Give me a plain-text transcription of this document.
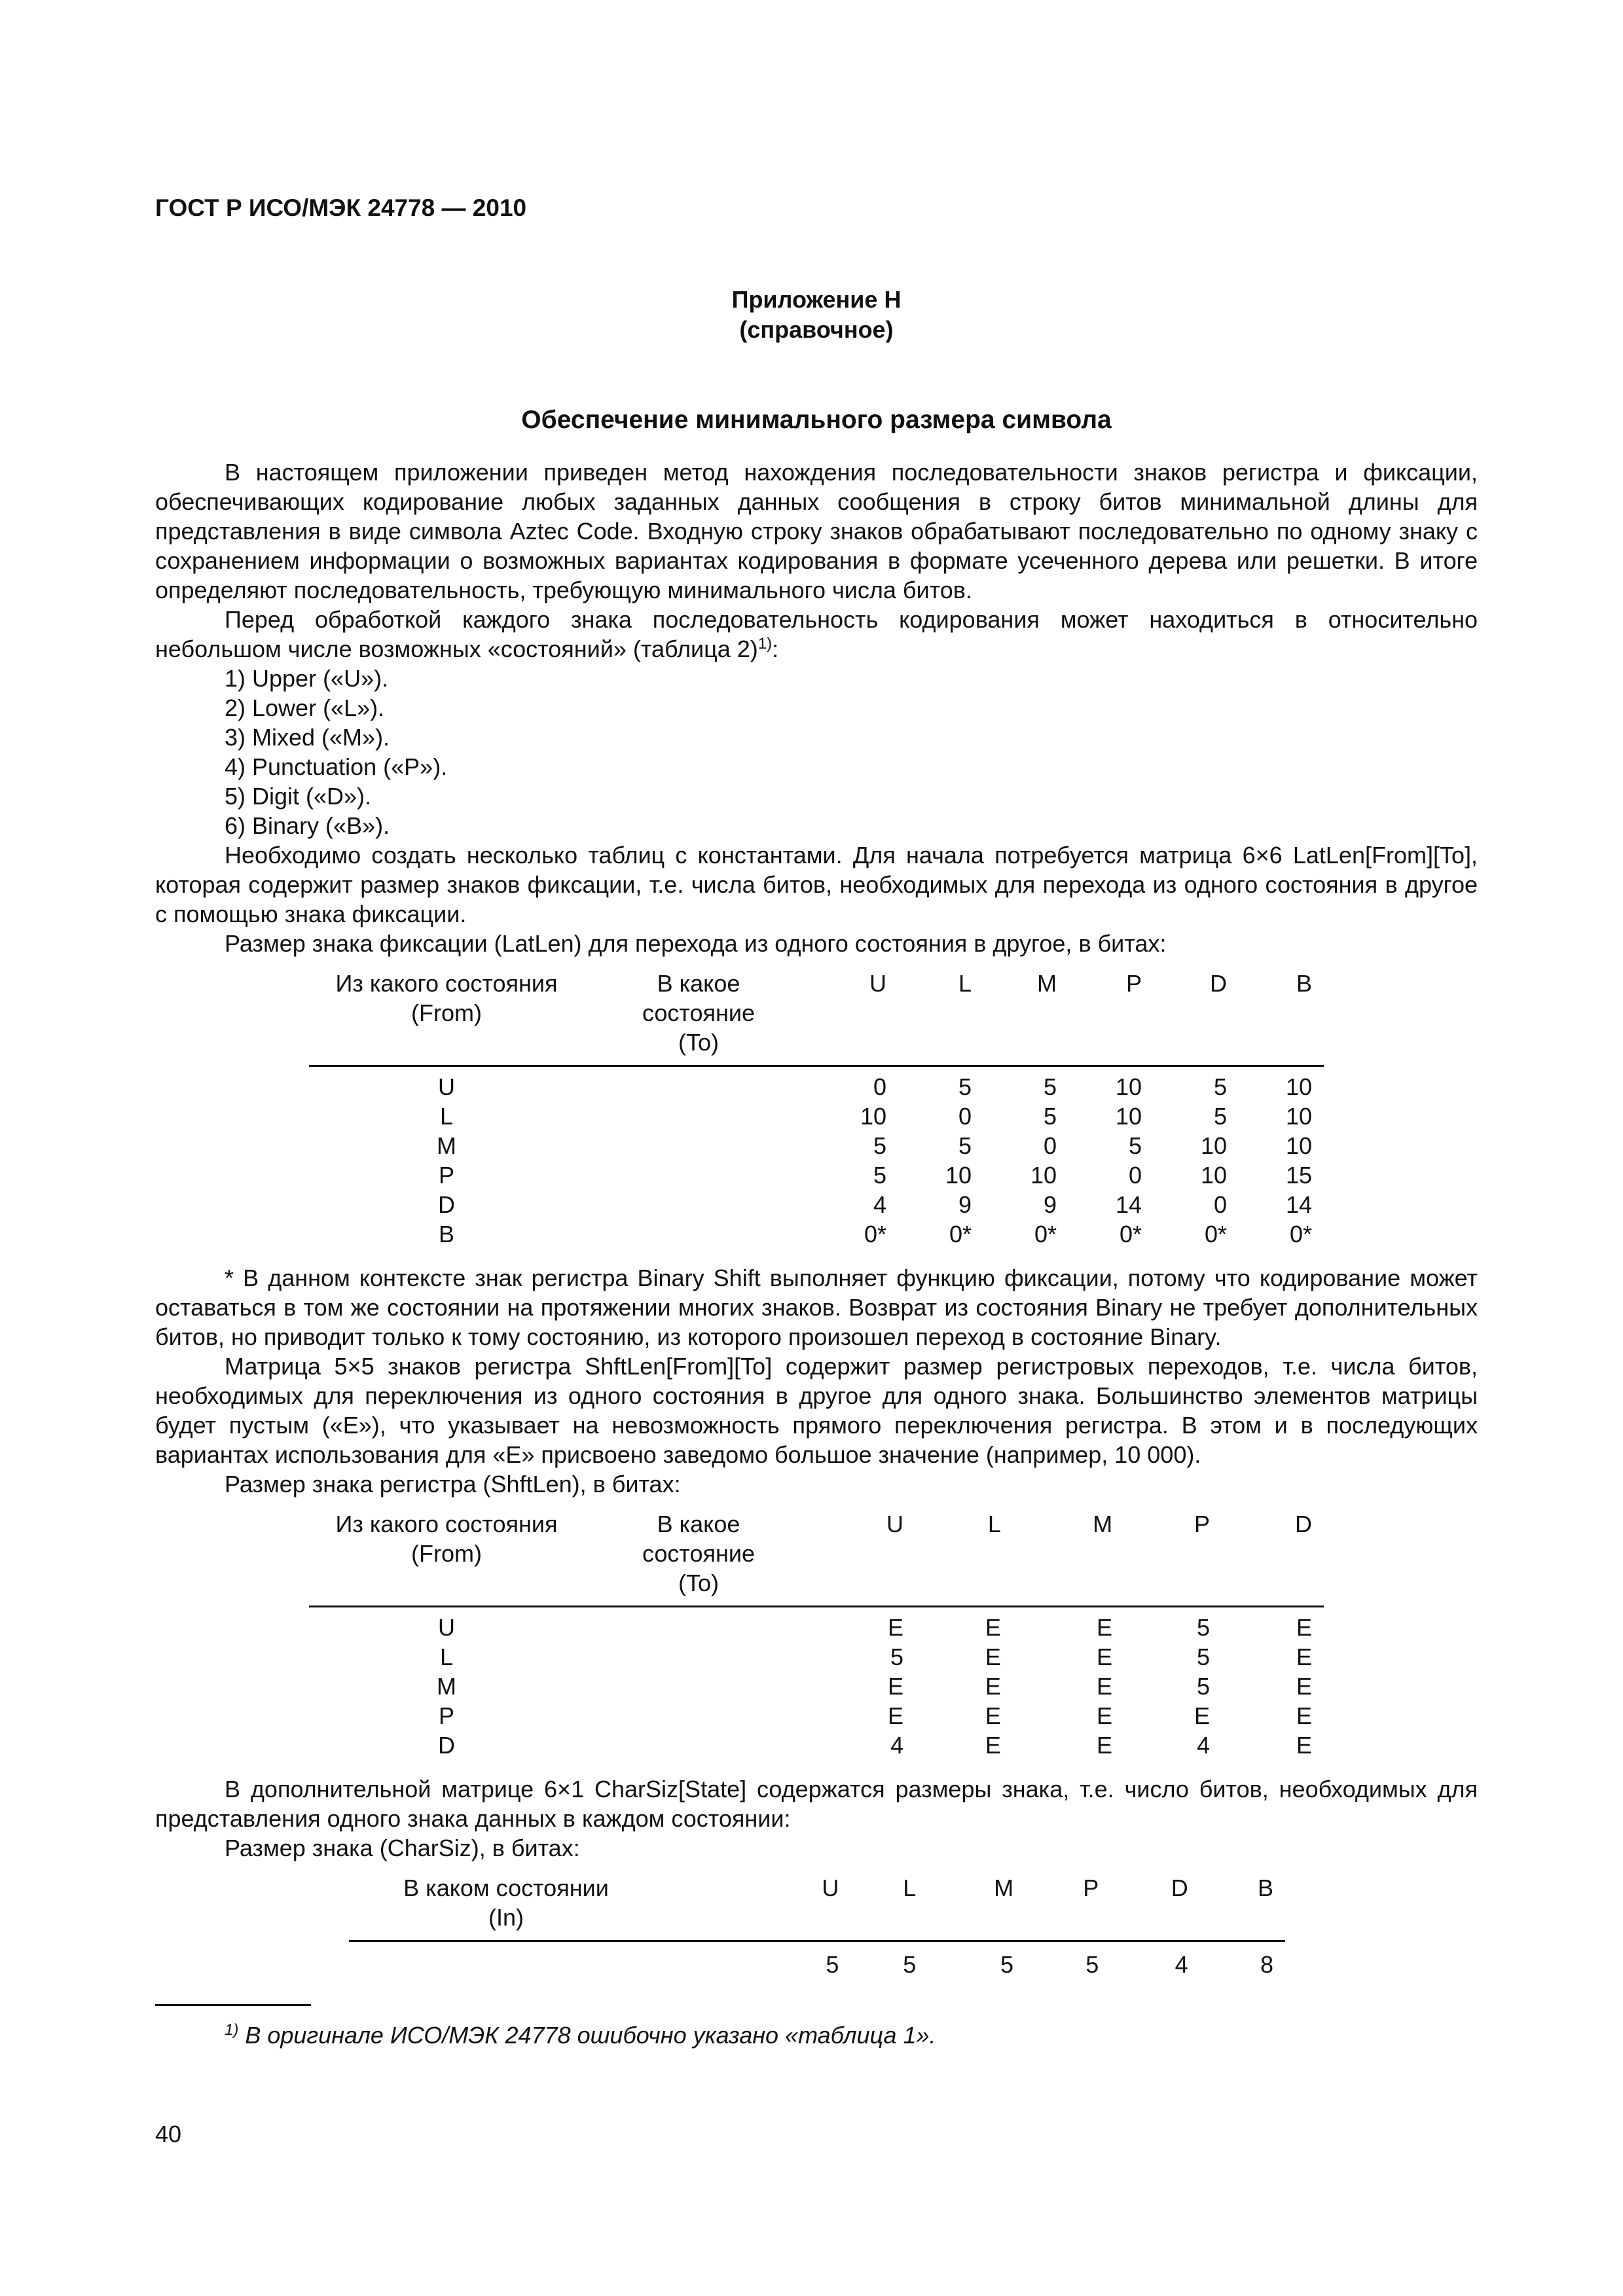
ГОСТ Р ИСО/МЭК 24778 — 2010
Приложение Н
(справочное)
Обеспечение минимального размера символа

В настоящем приложении приведен метод нахождения последовательности знаков регистра и фиксации, обеспечивающих кодирование любых заданных данных сообщения в строку битов минимальной длины для представления в виде символа Aztec Code. Входную строку знаков обрабатывают последовательно по одному знаку с сохранением информации о возможных вариантах кодирования в формате усеченного дерева или решетки. В итоге определяют последовательность, требующую минимального числа битов.

Перед обработкой каждого знака последовательность кодирования может находиться в относительно небольшом числе возможных «состояний» (таблица 2)$^{1)}$:

1) Upper («U»).
2) Lower («L»).
3) Mixed («M»).
4) Punctuation («P»).
5) Digit («D»).
6) Binary («B»).

Необходимо создать несколько таблиц с константами. Для начала потребуется матрица 6×6 LatLen[From][To], которая содержит размер знаков фиксации, т.е. числа битов, необходимых для перехода из одного состояния в другое с помощью знака фиксации.

Размер знака фиксации (LatLen) для перехода из одного состояния в другое, в битах:
Из какого состояния
(From)	В какое
состояние
(To)	U	L	M	P	D	B
U		0	5	5	10	5	10
L		10	0	5	10	5	10
M		5	5	0	5	10	10
P		5	10	10	0	10	15
D		4	9	9	14	0	14
B		0*	0*	0*	0*	0*	0*

* В данном контексте знак регистра Binary Shift выполняет функцию фиксации, потому что кодирование может оставаться в том же состоянии на протяжении многих знаков. Возврат из состояния Binary не требует дополнительных битов, но приводит только к тому состоянию, из которого произошел переход в состояние Binary.

Матрица 5×5 знаков регистра ShftLen[From][To] содержит размер регистровых переходов, т.е. числа битов, необходимых для переключения из одного состояния в другое для одного знака. Большинство элементов матрицы будет пустым («E»), что указывает на невозможность прямого переключения регистра. В этом и в последующих вариантах использования для «E» присвоено заведомо большое значение (например, 10 000).

Размер знака регистра (ShftLen), в битах:
Из какого состояния
(From)	В какое
состояние
(To)	U	L	M	P	D
U		E	E	E	5	E
L		5	E	E	5	E
M		E	E	E	5	E
P		E	E	E	E	E
D		4	E	E	4	E

В дополнительной матрице 6×1 CharSiz[State] содержатся размеры знака, т.е. число битов, необходимых для представления одного знака данных в каждом состоянии:

Размер знака (CharSiz), в битах:
В каком состоянии
(In)		U	L	M	P	D	B
		5	5	5	5	4	8
$^{1)}$ В оригинале ИСО/МЭК 24778 ошибочно указано «таблица 1».
40
